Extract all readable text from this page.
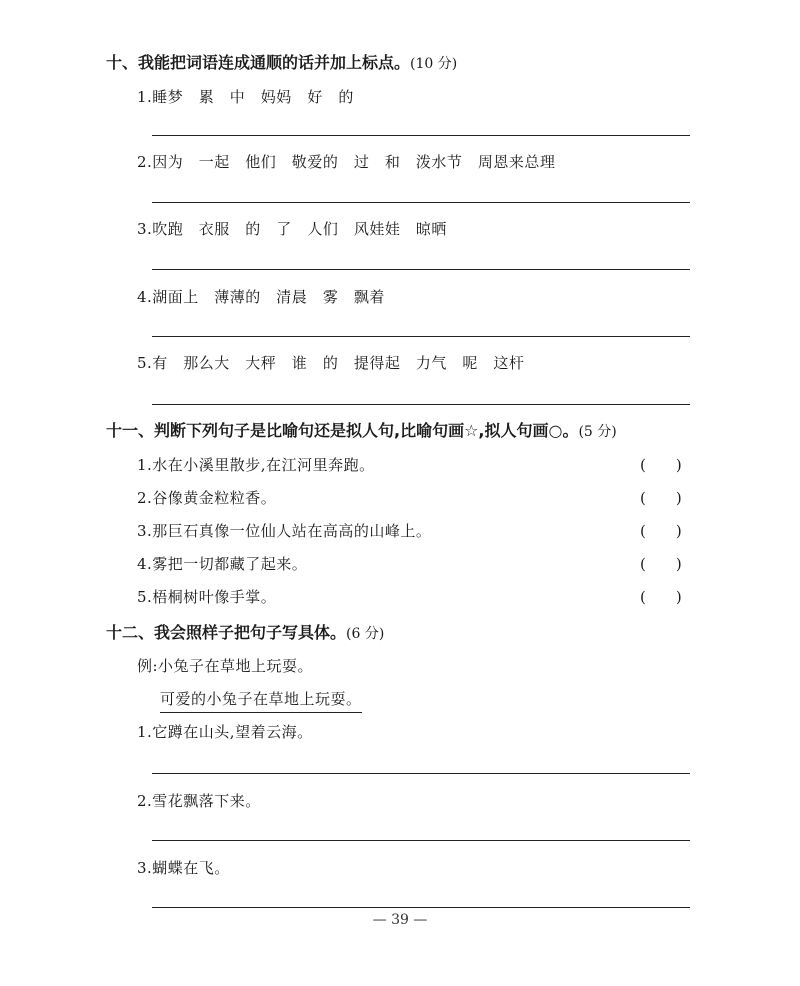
十、我能把词语连成通顺的话并加上标点。(10 分)
1.睡梦　累　中　妈妈　好　的
2.因为　一起　他们　敬爱的　过　和　泼水节　周恩来总理
3.吹跑　衣服　的　了　人们　风娃娃　晾晒
4.湖面上　薄薄的　清晨　雾　飘着
5.有　那么大　大秤　谁　的　提得起　力气　呢　这杆
十一、判断下列句子是比喻句还是拟人句,比喻句画☆,拟人句画○。(5 分)
1.水在小溪里散步,在江河里奔跑。	(　　)
2.谷像黄金粒粒香。	(　　)
3.那巨石真像一位仙人站在高高的山峰上。	(　　)
4.雾把一切都藏了起来。	(　　)
5.梧桐树叶像手掌。	(　　)
十二、我会照样子把句子写具体。(6 分)
例:小兔子在草地上玩耍。
可爱的小兔子在草地上玩耍。
1.它蹲在山头,望着云海。
2.雪花飘落下来。
3.蝴蝶在飞。
— 39 —
